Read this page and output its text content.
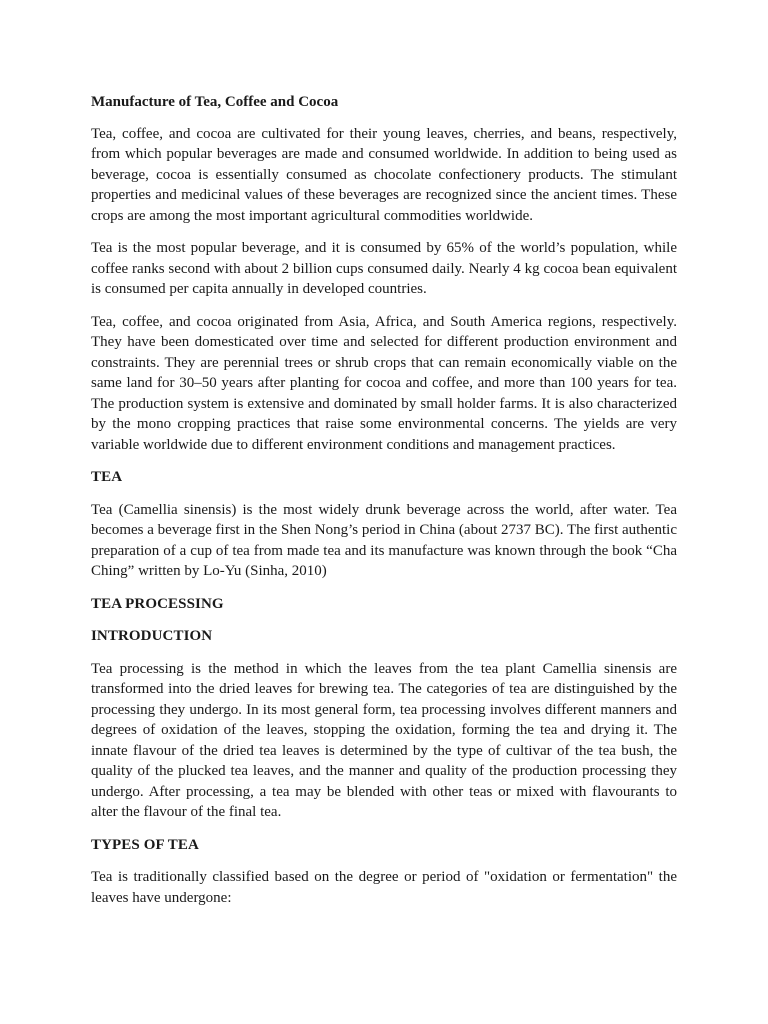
Manufacture of Tea, Coffee and Cocoa

Tea, coffee, and cocoa are cultivated for their young leaves, cherries, and beans, respectively, from which popular beverages are made and consumed worldwide. In addition to being used as beverage, cocoa is essentially consumed as chocolate confectionery products. The stimulant properties and medicinal values of these beverages are recognized since the ancient times. These crops are among the most important agricultural commodities worldwide.

Tea is the most popular beverage, and it is consumed by 65% of the world’s population, while coffee ranks second with about 2 billion cups consumed daily. Nearly 4 kg cocoa bean equivalent is consumed per capita annually in developed countries.

Tea, coffee, and cocoa originated from Asia, Africa, and South America regions, respectively. They have been domesticated over time and selected for different production environment and constraints. They are perennial trees or shrub crops that can remain economically viable on the same land for 30–50 years after planting for cocoa and coffee, and more than 100 years for tea. The production system is extensive and dominated by small holder farms. It is also characterized by the mono cropping practices that raise some environmental concerns. The yields are very variable worldwide due to different environment conditions and management practices.

TEA

Tea (Camellia sinensis) is the most widely drunk beverage across the world, after water. Tea becomes a beverage first in the Shen Nong’s period in China (about 2737 BC). The first authentic preparation of a cup of tea from made tea and its manufacture was known through the book “Cha Ching” written by Lo-Yu (Sinha, 2010)

TEA PROCESSING

INTRODUCTION

Tea processing is the method in which the leaves from the tea plant Camellia sinensis are transformed into the dried leaves for brewing tea. The categories of tea are distinguished by the processing they undergo. In its most general form, tea processing involves different manners and degrees of oxidation of the leaves, stopping the oxidation, forming the tea and drying it. The innate flavour of the dried tea leaves is determined by the type of cultivar of the tea bush, the quality of the plucked tea leaves, and the manner and quality of the production processing they undergo. After processing, a tea may be blended with other teas or mixed with flavourants to alter the flavour of the final tea.

TYPES OF TEA

Tea is traditionally classified based on the degree or period of "oxidation or fermentation" the leaves have undergone:
